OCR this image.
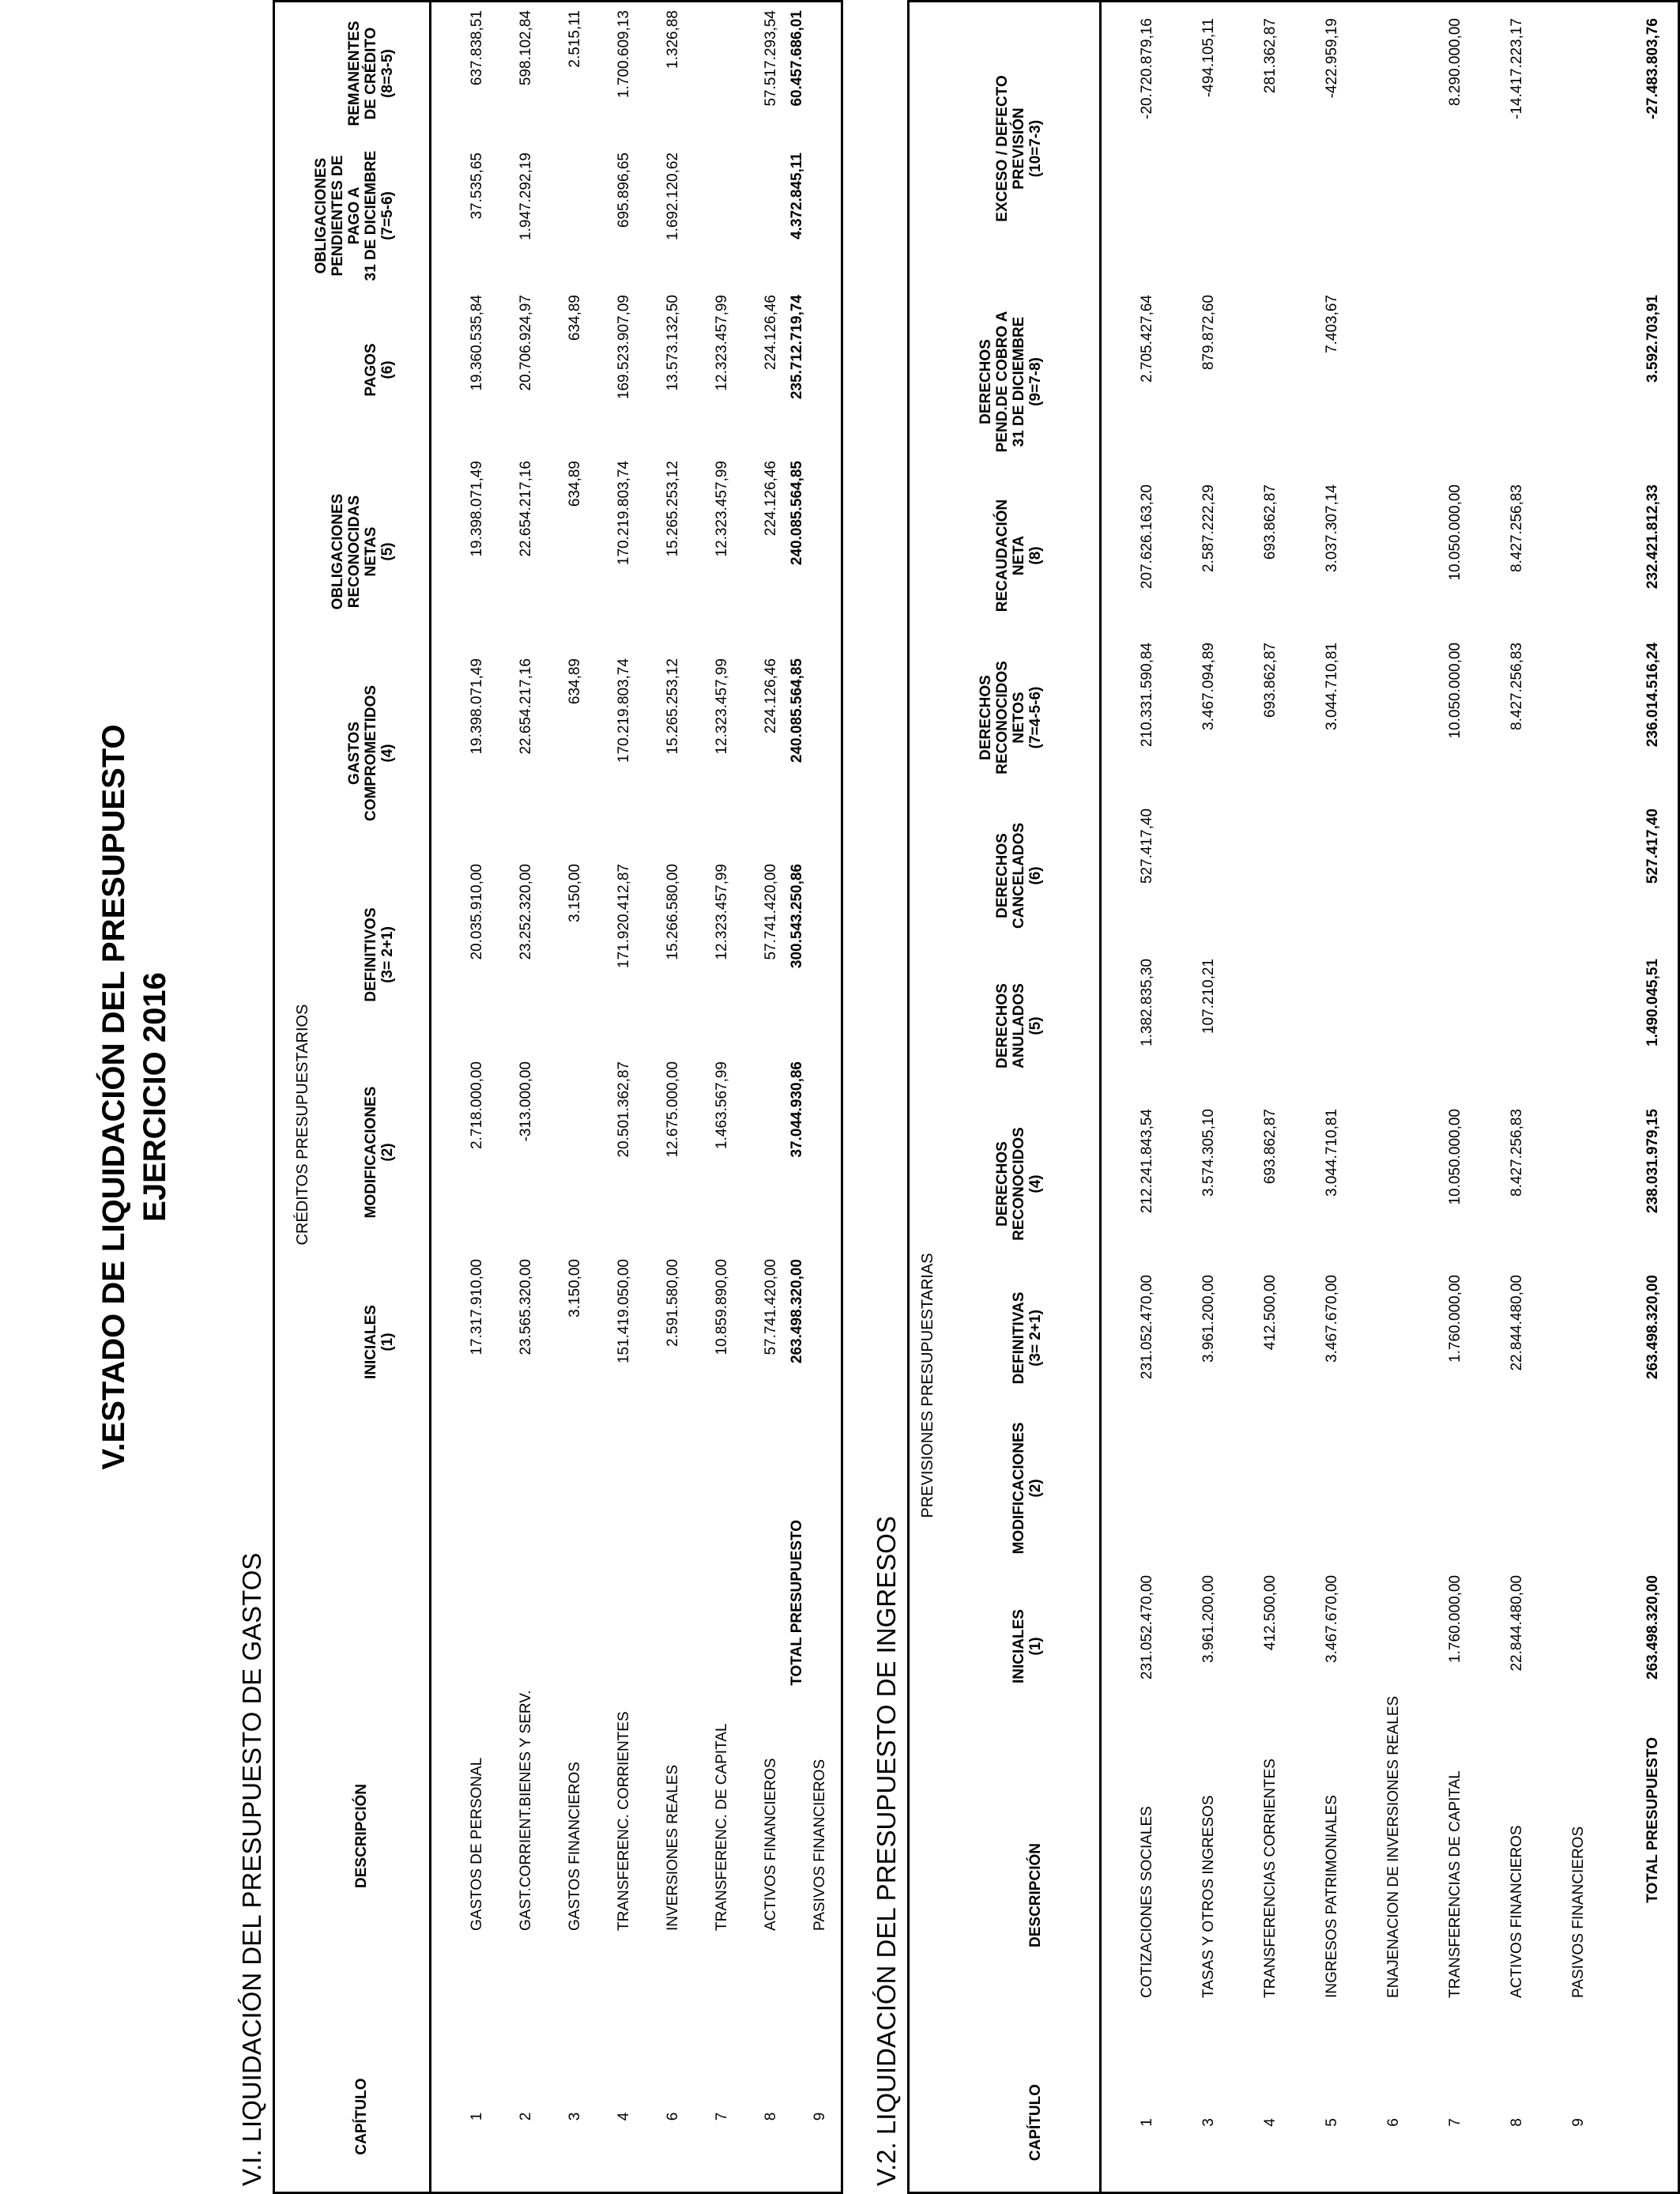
V.ESTADO DE LIQUIDACIÓN DEL PRESUPUESTO EJERCICIO 2016
V.I. LIQUIDACIÓN DEL PRESUPUESTO DE GASTOS
CRÉDITOS PRESUPUESTARIOS
CAPÍTULO
DESCRIPCIÓN
INICIALES (1)
MODIFICACIONES (2)
DEFINITIVOS (3= 2+1)
GASTOS COMPROMETIDOS (4)
OBLIGACIONES RECONOCIDAS NETAS (5)
PAGOS (6)
OBLIGACIONES PENDIENTES DE PAGO A 31 DE DICIEMBRE (7=5-6)
REMANENTES DE CRÉDITO (8=3-5)
1
GASTOS DE PERSONAL
17.317.910,00
2.718.000,00
20.035.910,00
19.398.071,49
19.398.071,49
19.360.535,84
37.535,65
637.838,51
2
GAST.CORRIENT.BIENES Y SERV.
23.565.320,00
-313.000,00
23.252.320,00
22.654.217,16
22.654.217,16
20.706.924,97
1.947.292,19
598.102,84
3
GASTOS FINANCIEROS
3.150,00
3.150,00
634,89
634,89
634,89
2.515,11
4
TRANSFERENC. CORRIENTES
151.419.050,00
20.501.362,87
171.920.412,87
170.219.803,74
170.219.803,74
169.523.907,09
695.896,65
1.700.609,13
6
INVERSIONES REALES
2.591.580,00
12.675.000,00
15.266.580,00
15.265.253,12
15.265.253,12
13.573.132,50
1.692.120,62
1.326,88
7
TRANSFERENC. DE CAPITAL
10.859.890,00
1.463.567,99
12.323.457,99
12.323.457,99
12.323.457,99
12.323.457,99
8
ACTIVOS FINANCIEROS
57.741.420,00
57.741.420,00
224.126,46
224.126,46
224.126,46
57.517.293,54
9
PASIVOS FINANCIEROS
TOTAL PRESUPUESTO
263.498.320,00
37.044.930,86
300.543.250,86
240.085.564,85
240.085.564,85
235.712.719,74
4.372.845,11
60.457.686,01
V.2. LIQUIDACIÓN DEL PRESUPUESTO DE INGRESOS
PREVISIONES PRESUPUESTARIAS
CAPÍTULO
DESCRIPCIÓN
INICIALES (1)
MODIFICACIONES (2)
DEFINITIVAS (3= 2+1)
DERECHOS RECONOCIDOS (4)
DERECHOS ANULADOS (5)
DERECHOS CANCELADOS (6)
DERECHOS RECONOCIDOS NETOS (7=4-5-6)
RECAUDACIÓN NETA (8)
DERECHOS PEND.DE COBRO A 31 DE DICIEMBRE (9=7-8)
EXCESO / DEFECTO PREVISIÓN (10=7-3)
1
COTIZACIONES SOCIALES
231.052.470,00
231.052.470,00
212.241.843,54
1.382.835,30
527.417,40
210.331.590,84
207.626.163,20
2.705.427,64
-20.720.879,16
3
TASAS Y OTROS INGRESOS
3.961.200,00
3.961.200,00
3.574.305,10
107.210,21
3.467.094,89
2.587.222,29
879.872,60
-494.105,11
4
TRANSFERENCIAS CORRIENTES
412.500,00
412.500,00
693.862,87
693.862,87
693.862,87
281.362,87
5
INGRESOS PATRIMONIALES
3.467.670,00
3.467.670,00
3.044.710,81
3.044.710,81
3.037.307,14
7.403,67
-422.959,19
6
ENAJENACION DE INVERSIONES REALES
7
TRANSFERENCIAS DE CAPITAL
1.760.000,00
1.760.000,00
10.050.000,00
10.050.000,00
10.050.000,00
8.290.000,00
8
ACTIVOS FINANCIEROS
22.844.480,00
22.844.480,00
8.427.256,83
8.427.256,83
8.427.256,83
-14.417.223,17
9
PASIVOS FINANCIEROS
TOTAL PRESUPUESTO
263.498.320,00
263.498.320,00
238.031.979,15
1.490.045,51
527.417,40
236.014.516,24
232.421.812,33
3.592.703,91
-27.483.803,76
